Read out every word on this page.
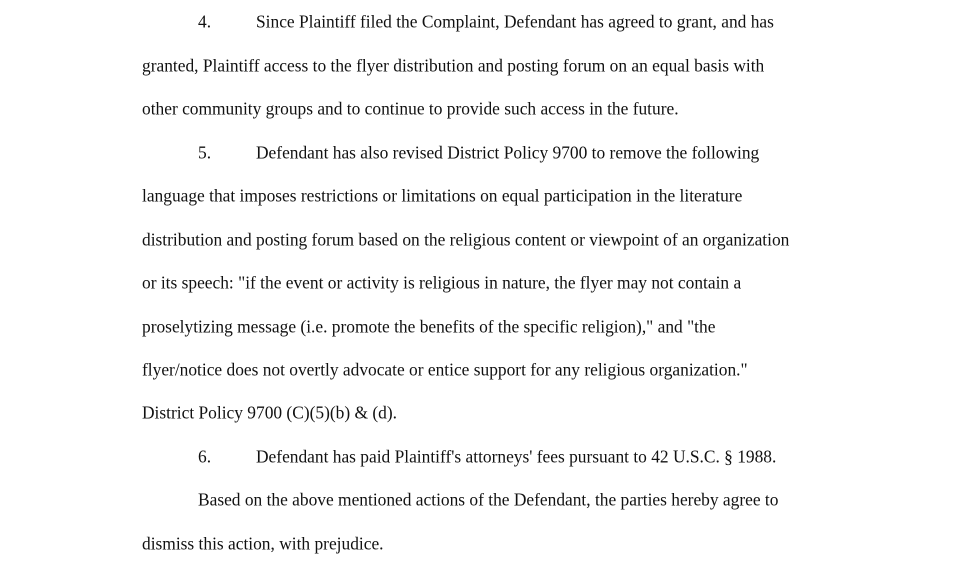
4.	Since Plaintiff filed the Complaint, Defendant has agreed to grant, and has
granted, Plaintiff access to the flyer distribution and posting forum on an equal basis with
other community groups and to continue to provide such access in the future.
5.	Defendant has also revised District Policy 9700 to remove the following
language that imposes restrictions or limitations on equal participation in the literature
distribution and posting forum based on the religious content or viewpoint of an organization
or its speech: "if the event or activity is religious in nature, the flyer may not contain a
proselytizing message (i.e. promote the benefits of the specific religion)," and "the
flyer/notice does not overtly advocate or entice support for any religious organization."
District Policy 9700 (C)(5)(b) & (d).
6.	Defendant has paid Plaintiff's attorneys' fees pursuant to 42 U.S.C. § 1988.
Based on the above mentioned actions of the Defendant, the parties hereby agree to
dismiss this action, with prejudice.
